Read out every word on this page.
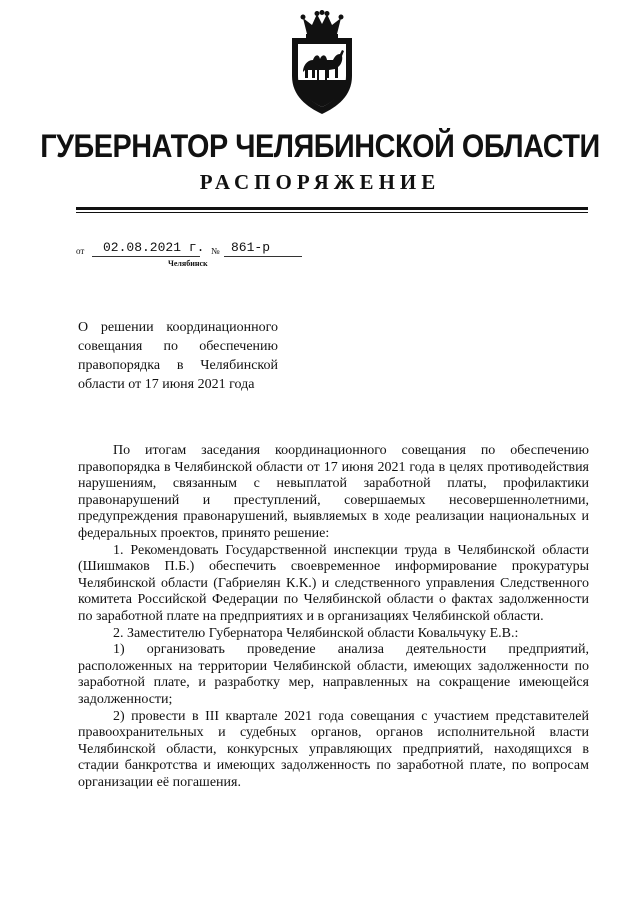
ГУБЕРНАТОР ЧЕЛЯБИНСКОЙ ОБЛАСТИ
РАСПОРЯЖЕНИЕ
от 02.08.2021 г. № 861-р
Челябинск
О решении координационного
совещания по обеспечению
правопорядка в Челябинской
области от 17 июня 2021 года

По итогам заседания координационного совещания по обеспечению правопорядка в Челябинской области от 17 июня 2021 года в целях противодействия нарушениям, связанным с невыплатой заработной платы, профилактики правонарушений и преступлений, совершаемых несовершеннолетними, предупреждения правонарушений, выявляемых в ходе реализации национальных и федеральных проектов, принято решение:

1. Рекомендовать Государственной инспекции труда в Челябинской области (Шишмаков П.Б.) обеспечить своевременное информирование прокуратуры Челябинской области (Габриелян К.К.) и следственного управления Следственного комитета Российской Федерации по Челябинской области о фактах задолженности по заработной плате на предприятиях и в организациях Челябинской области.

2. Заместителю Губернатора Челябинской области Ковальчуку Е.В.:

1) организовать проведение анализа деятельности предприятий, расположенных на территории Челябинской области, имеющих задолженности по заработной плате, и разработку мер, направленных на сокращение имеющейся задолженности;

2) провести в III квартале 2021 года совещания с участием представителей правоохранительных и судебных органов, органов исполнительной власти Челябинской области, конкурсных управляющих предприятий, находящихся в стадии банкротства и имеющих задолженность по заработной плате, по вопросам организации её погашения.
